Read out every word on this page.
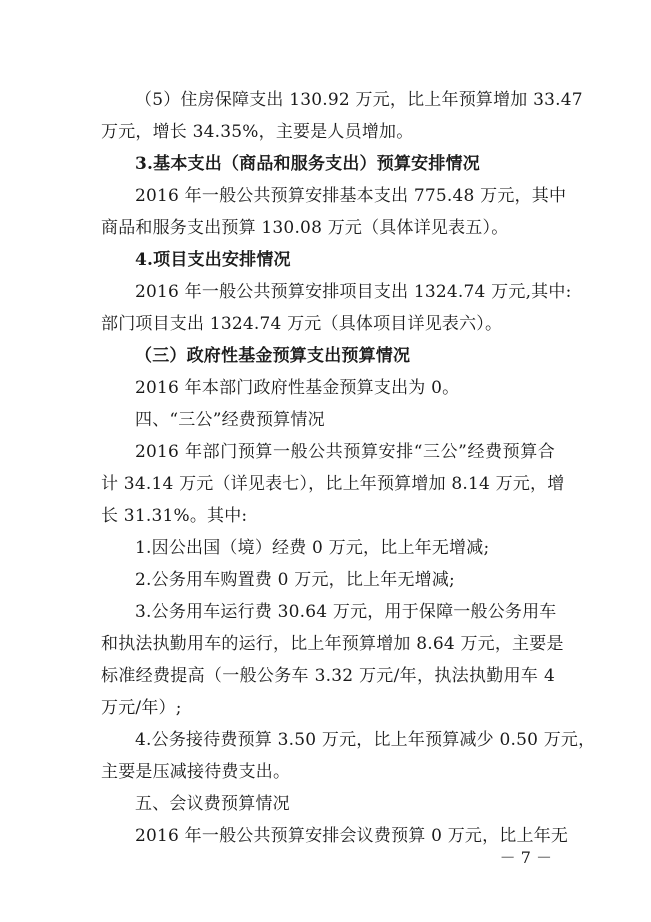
（5）住房保障支出 130.92 万元，比上年预算增加 33.47
万元，增长 34.35%，主要是人员增加。
3.基本支出（商品和服务支出）预算安排情况
2016 年一般公共预算安排基本支出 775.48 万元，其中
商品和服务支出预算 130.08 万元（具体详见表五）。
4.项目支出安排情况
2016 年一般公共预算安排项目支出 1324.74 万元,其中:
部门项目支出 1324.74 万元（具体项目详见表六）。
（三）政府性基金预算支出预算情况
2016 年本部门政府性基金预算支出为 0。
四、“三公”经费预算情况
2016 年部门预算一般公共预算安排“三公”经费预算合
计 34.14 万元（详见表七），比上年预算增加 8.14 万元，增
长 31.31%。其中:
1.因公出国（境）经费 0 万元，比上年无增减;
2.公务用车购置费 0 万元，比上年无增减;
3.公务用车运行费 30.64 万元，用于保障一般公务用车
和执法执勤用车的运行，比上年预算增加 8.64 万元，主要是
标准经费提高（一般公务车 3.32 万元/年，执法执勤用车 4
万元/年）;
4.公务接待费预算 3.50 万元，比上年预算减少 0.50 万元，
主要是压减接待费支出。
五、会议费预算情况
2016 年一般公共预算安排会议费预算 0 万元，比上年无
－ 7 －
